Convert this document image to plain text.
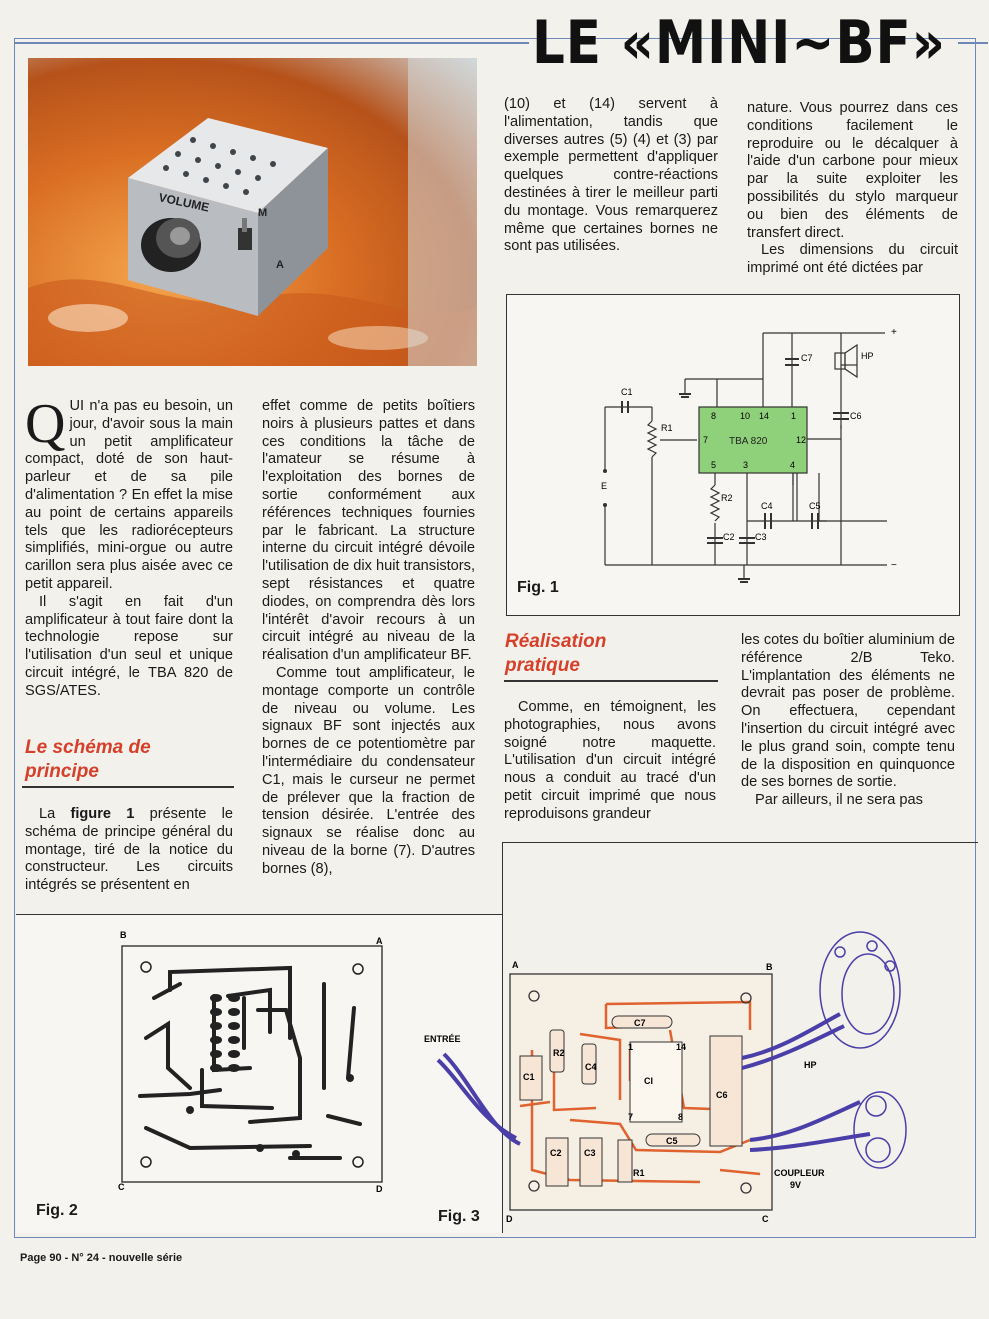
LE «MINI~BF»
VOLUME	M
A

QUI n'a pas eu besoin, un jour, d'avoir sous la main un petit amplificateur compact, doté de son haut-parleur et de sa pile d'alimentation ? En effet la mise au point de certains appareils tels que les radiorécepteurs simplifiés, mini-orgue ou autre carillon sera plus aisée avec ce petit appareil.

Il s'agit en fait d'un amplificateur à tout faire dont la technologie repose sur l'utilisation d'un seul et unique circuit intégré, le TBA 820 de SGS/ATES.

Le schéma de principe

La figure 1 présente le schéma de principe général du montage, tiré de la notice du constructeur. Les circuits intégrés se présentent en

effet comme de petits boîtiers noirs à plusieurs pattes et dans ces conditions la tâche de l'amateur se résume à l'exploitation des bornes de sortie conformément aux références techniques fournies par le fabricant. La structure interne du circuit intégré dévoile l'utilisation de dix huit transistors, sept résistances et quatre diodes, on comprendra dès lors l'intérêt d'avoir recours à un circuit intégré au niveau de la réalisation d'un amplificateur BF.

Comme tout amplificateur, le montage comporte un contrôle de niveau ou volume. Les signaux BF sont injectés aux bornes de ce potentiomètre par l'intermédiaire du condensateur C1, mais le curseur ne permet de prélever que la fraction de tension désirée. L'entrée des signaux se réalise donc au niveau de la borne (7). D'autres bornes (8),

(10) et (14) servent à l'alimentation, tandis que diverses autres (5) (4) et (3) par exemple permettent d'appliquer quelques contre-réactions destinées à tirer le meilleur parti du montage. Vous remarquerez même que certaines bornes ne sont pas utilisées.

nature. Vous pourrez dans ces conditions facilement le reproduire ou le décalquer à l'aide d'un carbone pour mieux par la suite exploiter les possibilités du stylo marqueur ou bien des éléments de transfert direct.

Les dimensions du circuit imprimé ont été dictées par

TBA 820
8	10 14 1
7	12
5	3	4
C1
R1
R2
C2 C3
C4	C5
C6
C7	HP
E
+
−
Fig. 1
Réalisation pratique

Comme, en témoignent, les photographies, nous avons soigné notre maquette. L'utilisation d'un circuit intégré nous a conduit au tracé d'un petit circuit imprimé que nous reproduisons grandeur

les cotes du boîtier aluminium de référence 2/B Teko. L'implantation des éléments ne devrait pas poser de problème. On effectuera, cependant l'insertion du circuit intégré avec le plus grand soin, compte tenu de la disposition en quinquonce de ses bornes de sortie.

Par ailleurs, il ne sera pas

B
A
C	D
Fig. 2
A	B
D	C
C7
R2
C4
C1	CI
1	14
7	8
C6
C5
C2 C3
R1
ENTRÉE
HP
COUPLEUR
9V
Fig. 3
Page 90 - N° 24 - nouvelle série
